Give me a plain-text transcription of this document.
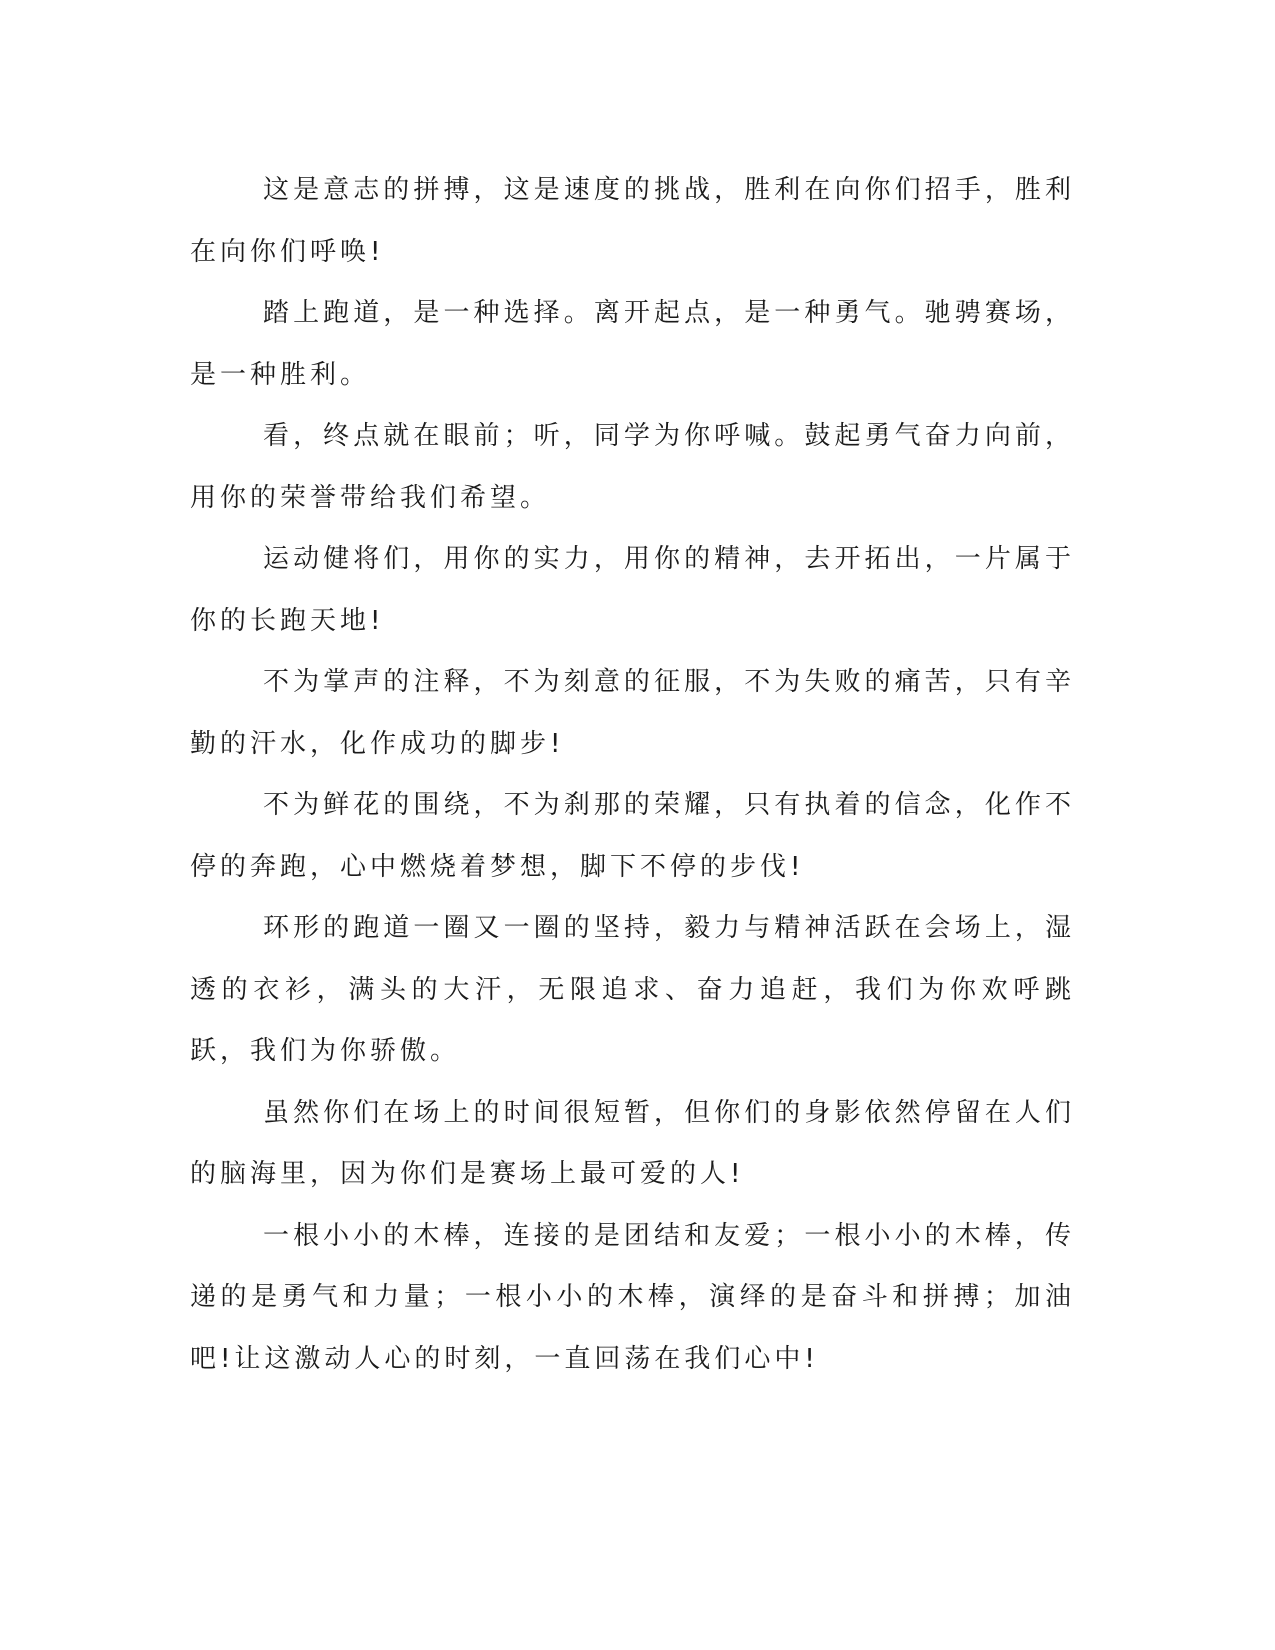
这是意志的拼搏，这是速度的挑战，胜利在向你们招手，胜利在向你们呼唤!

踏上跑道，是一种选择。离开起点，是一种勇气。驰骋赛场，是一种胜利。

看，终点就在眼前；听，同学为你呼喊。鼓起勇气奋力向前，用你的荣誉带给我们希望。

运动健将们，用你的实力，用你的精神，去开拓出，一片属于你的长跑天地!

不为掌声的注释，不为刻意的征服，不为失败的痛苦，只有辛勤的汗水，化作成功的脚步!

不为鲜花的围绕，不为刹那的荣耀，只有执着的信念，化作不停的奔跑，心中燃烧着梦想，脚下不停的步伐!

环形的跑道一圈又一圈的坚持，毅力与精神活跃在会场上，湿透的衣衫，满头的大汗，无限追求、奋力追赶，我们为你欢呼跳跃，我们为你骄傲。

虽然你们在场上的时间很短暂，但你们的身影依然停留在人们的脑海里，因为你们是赛场上最可爱的人!

一根小小的木棒，连接的是团结和友爱；一根小小的木棒，传递的是勇气和力量；一根小小的木棒，演绎的是奋斗和拼搏；加油吧!让这激动人心的时刻，一直回荡在我们心中!
